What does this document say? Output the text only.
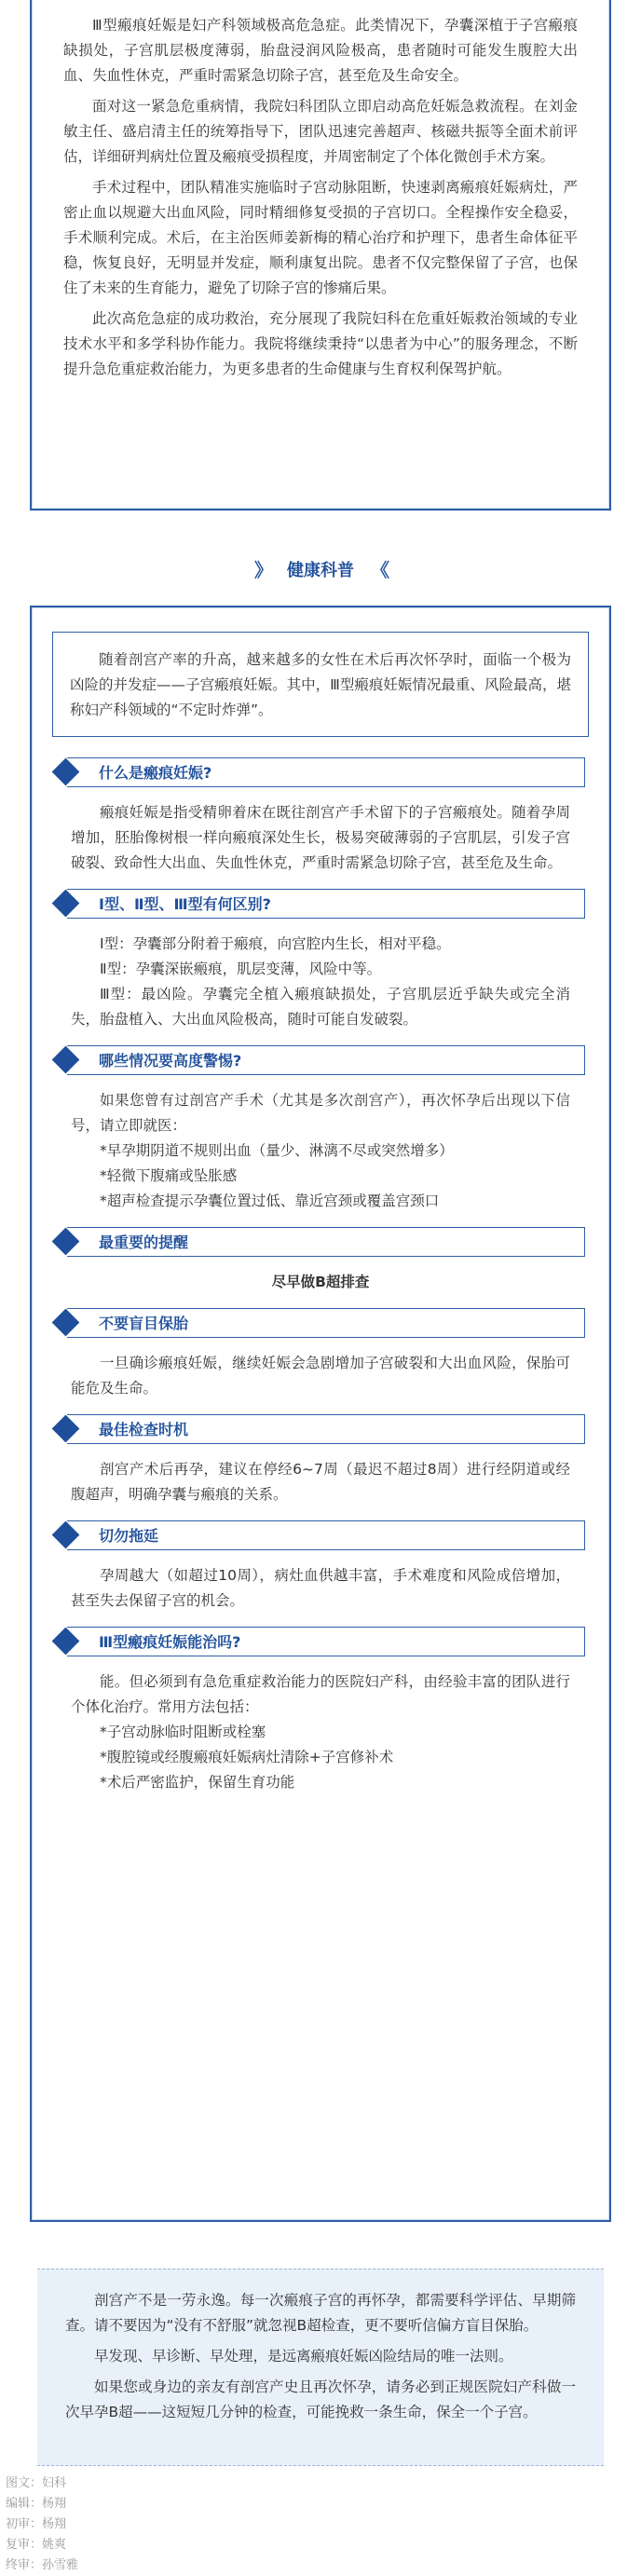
Ⅲ型瘢痕妊娠是妇产科领域极高危急症。此类情况下，孕囊深植于子宫瘢痕缺损处，子宫肌层极度薄弱，胎盘浸润风险极高，患者随时可能发生腹腔大出血、失血性休克，严重时需紧急切除子宫，甚至危及生命安全。

面对这一紧急危重病情，我院妇科团队立即启动高危妊娠急救流程。在刘金敏主任、盛启清主任的统筹指导下，团队迅速完善超声、核磁共振等全面术前评估，详细研判病灶位置及瘢痕受损程度，并周密制定了个体化微创手术方案。

手术过程中，团队精准实施临时子宫动脉阻断，快速剥离瘢痕妊娠病灶，严密止血以规避大出血风险，同时精细修复受损的子宫切口。全程操作安全稳妥，手术顺利完成。术后，在主治医师姜新梅的精心治疗和护理下，患者生命体征平稳，恢复良好，无明显并发症，顺利康复出院。患者不仅完整保留了子宫，也保住了未来的生育能力，避免了切除子宫的惨痛后果。

此次高危急症的成功救治，充分展现了我院妇科在危重妊娠救治领域的专业技术水平和多学科协作能力。我院将继续秉持“以患者为中心”的服务理念，不断提升急危重症救治能力，为更多患者的生命健康与生育权利保驾护航。

》 健康科普 《

随着剖宫产率的升高，越来越多的女性在术后再次怀孕时，面临一个极为凶险的并发症——子宫瘢痕妊娠。其中，Ⅲ型瘢痕妊娠情况最重、风险最高，堪称妇产科领域的“不定时炸弹”。

什么是瘢痕妊娠?

瘢痕妊娠是指受精卵着床在既往剖宫产手术留下的子宫瘢痕处。随着孕周增加，胚胎像树根一样向瘢痕深处生长，极易突破薄弱的子宫肌层，引发子宫破裂、致命性大出血、失血性休克，严重时需紧急切除子宫，甚至危及生命。

Ⅰ型、Ⅱ型、Ⅲ型有何区别?

Ⅰ型：孕囊部分附着于瘢痕，向宫腔内生长，相对平稳。

Ⅱ型：孕囊深嵌瘢痕，肌层变薄，风险中等。

Ⅲ型：最凶险。孕囊完全植入瘢痕缺损处，子宫肌层近乎缺失或完全消失，胎盘植入、大出血风险极高，随时可能自发破裂。

哪些情况要高度警惕?

如果您曾有过剖宫产手术（尤其是多次剖宫产），再次怀孕后出现以下信号，请立即就医：

*早孕期阴道不规则出血（量少、淋漓不尽或突然增多）

*轻微下腹痛或坠胀感

*超声检查提示孕囊位置过低、靠近宫颈或覆盖宫颈口

最重要的提醒

尽早做B超排查

不要盲目保胎

一旦确诊瘢痕妊娠，继续妊娠会急剧增加子宫破裂和大出血风险，保胎可能危及生命。

最佳检查时机

剖宫产术后再孕，建议在停经6~7周（最迟不超过8周）进行经阴道或经腹超声，明确孕囊与瘢痕的关系。

切勿拖延

孕周越大（如超过10周），病灶血供越丰富，手术难度和风险成倍增加，甚至失去保留子宫的机会。

Ⅲ型瘢痕妊娠能治吗?

能。但必须到有急危重症救治能力的医院妇产科，由经验丰富的团队进行个体化治疗。常用方法包括：

*子宫动脉临时阻断或栓塞

*腹腔镜或经腹瘢痕妊娠病灶清除+子宫修补术

*术后严密监护，保留生育功能

剖宫产不是一劳永逸。每一次瘢痕子宫的再怀孕，都需要科学评估、早期筛查。请不要因为“没有不舒服”就忽视B超检查，更不要听信偏方盲目保胎。

早发现、早诊断、早处理，是远离瘢痕妊娠凶险结局的唯一法则。

如果您或身边的亲友有剖宫产史且再次怀孕，请务必到正规医院妇产科做一次早孕B超——这短短几分钟的检查，可能挽救一条生命，保全一个子宫。

图文：妇科
编辑：杨翔
初审：杨翔
复审：姚爽
终审：孙雪雅
